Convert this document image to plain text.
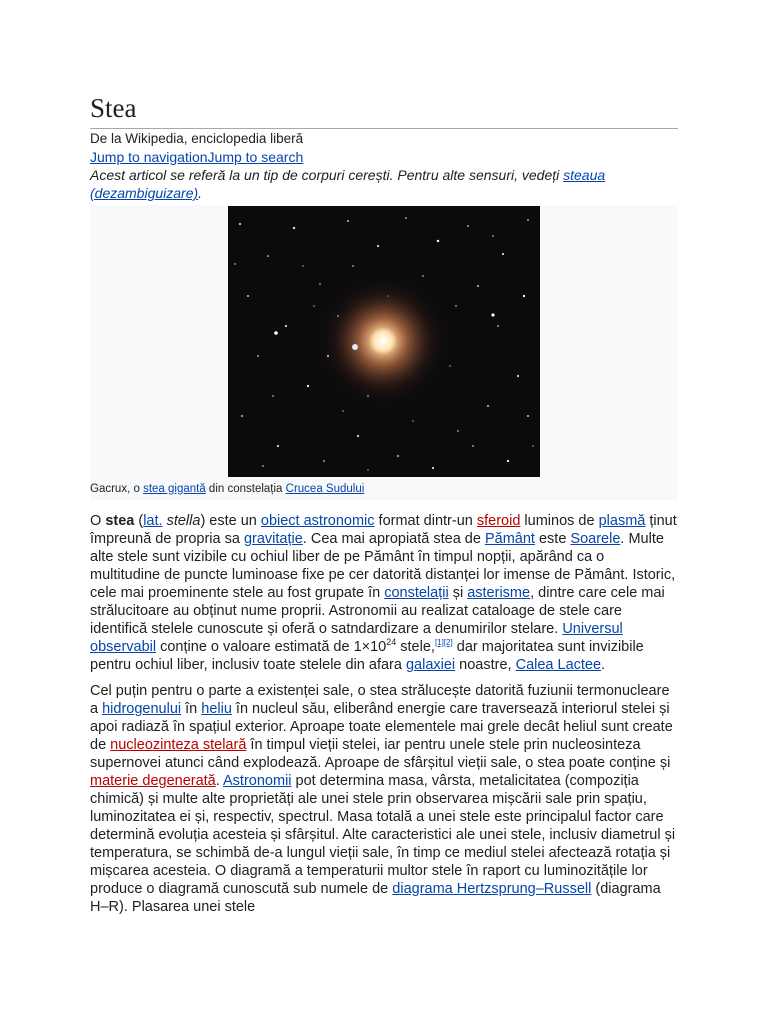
Stea
De la Wikipedia, enciclopedia liberă
Jump to navigationJump to search
Acest articol se referă la un tip de corpuri cerești. Pentru alte sensuri, vedeți steaua (dezambiguizare).
Gacrux, o stea gigantă din constelația Crucea Sudului

O stea (lat. stella) este un obiect astronomic format dintr-un sferoid luminos de plasmă ținut împreună de propria sa gravitație. Cea mai apropiată stea de Pământ este Soarele. Multe alte stele sunt vizibile cu ochiul liber de pe Pământ în timpul nopții, apărând ca o multitudine de puncte luminoase fixe pe cer datorită distanței lor imense de Pământ. Istoric, cele mai proeminente stele au fost grupate în constelații și asterisme, dintre care cele mai strălucitoare au obținut nume proprii. Astronomii au realizat cataloage de stele care identifică stelele cunoscute și oferă o satndardizare a denumirilor stelare. Universul observabil conține o valoare estimată de $1\times 10^{24}$ stele,[1][2] dar majoritatea sunt invizibile pentru ochiul liber, inclusiv toate stelele din afara galaxiei noastre, Calea Lactee.

Cel puțin pentru o parte a existenței sale, o stea strălucește datorită fuziunii termonucleare a hidrogenului în heliu în nucleul său, eliberând energie care traversează interiorul stelei și apoi radiază în spațiul exterior. Aproape toate elementele mai grele decât heliul sunt create de nucleozinteza stelară în timpul vieții stelei, iar pentru unele stele prin nucleosinteza supernovei atunci când explodează. Aproape de sfârșitul vieții sale, o stea poate conține și materie degenerată. Astronomii pot determina masa, vârsta, metalicitatea (compoziția chimică) și multe alte proprietăți ale unei stele prin observarea mișcării sale prin spațiu, luminozitatea ei și, respectiv, spectrul. Masa totală a unei stele este principalul factor care determină evoluția acesteia și sfârșitul. Alte caracteristici ale unei stele, inclusiv diametrul și temperatura, se schimbă de-a lungul vieții sale, în timp ce mediul stelei afectează rotația și mișcarea acesteia. O diagramă a temperaturii multor stele în raport cu luminozitățile lor produce o diagramă cunoscută sub numele de diagrama Hertzsprung–Russell (diagrama H–R). Plasarea unei stele
